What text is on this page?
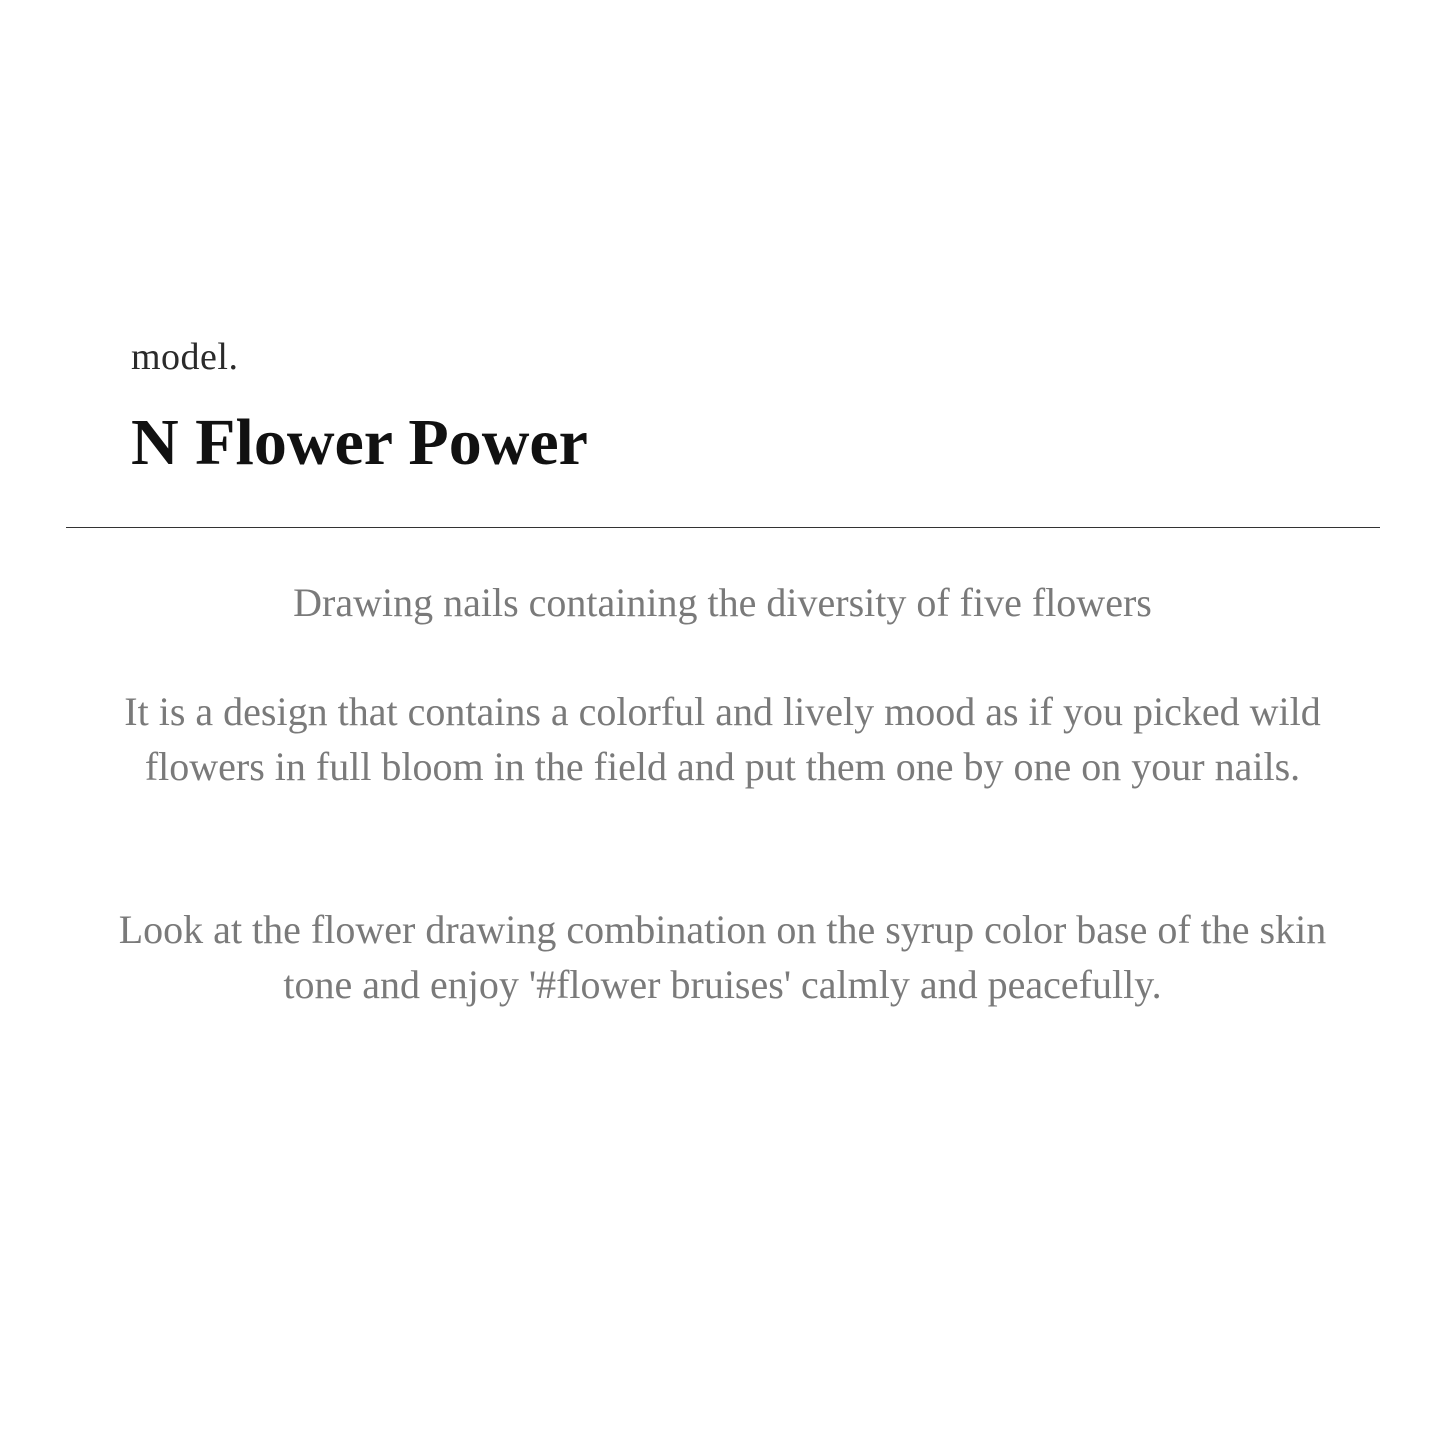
model.
N Flower Power
Drawing nails containing the diversity of five flowers
It is a design that contains a colorful and lively mood as if you picked wild flowers in full bloom in the field and put them one by one on your nails.
Look at the flower drawing combination on the syrup color base of the skin tone and enjoy '#flower bruises' calmly and peacefully.
